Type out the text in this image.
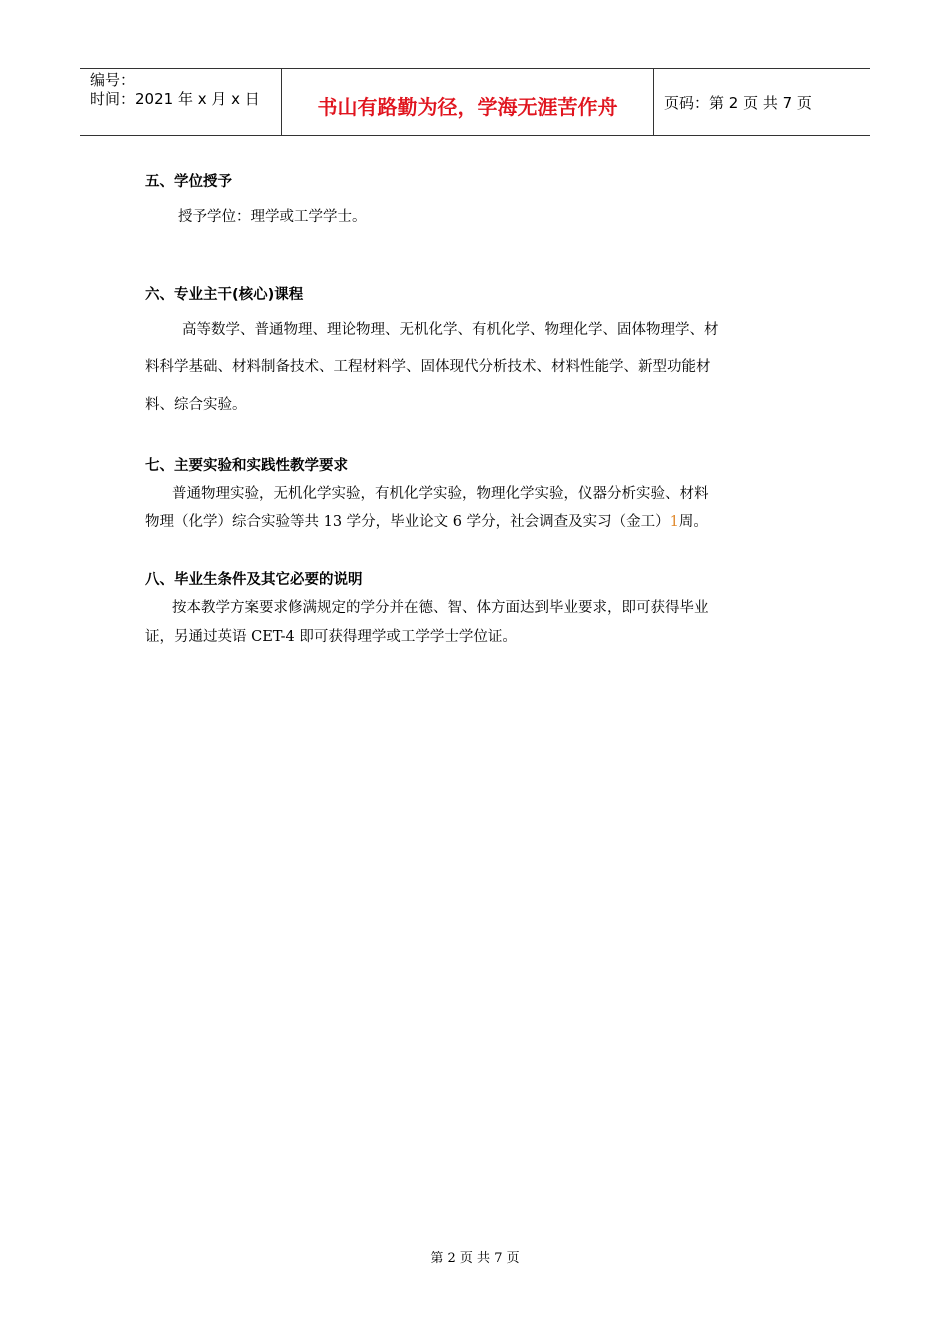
编号：
时间：2021 年 x 月 x 日	书山有路勤为径，学海无涯苦作舟	页码：第 2 页 共 7 页
五、学位授予
授予学位：理学或工学学士。
六、专业主干(核心)课程
高等数学、普通物理、理论物理、无机化学、有机化学、物理化学、固体物理学、材
料科学基础、材料制备技术、工程材料学、固体现代分析技术、材料性能学、新型功能材
料、综合实验。
七、主要实验和实践性教学要求
普通物理实验，无机化学实验，有机化学实验，物理化学实验，仪器分析实验、材料
物理（化学）综合实验等共 13 学分，毕业论文 6 学分，社会调查及实习（金工）1周。
八、毕业生条件及其它必要的说明
按本教学方案要求修满规定的学分并在德、智、体方面达到毕业要求，即可获得毕业
证，另通过英语 CET-4 即可获得理学或工学学士学位证。
第 2 页 共 7 页
